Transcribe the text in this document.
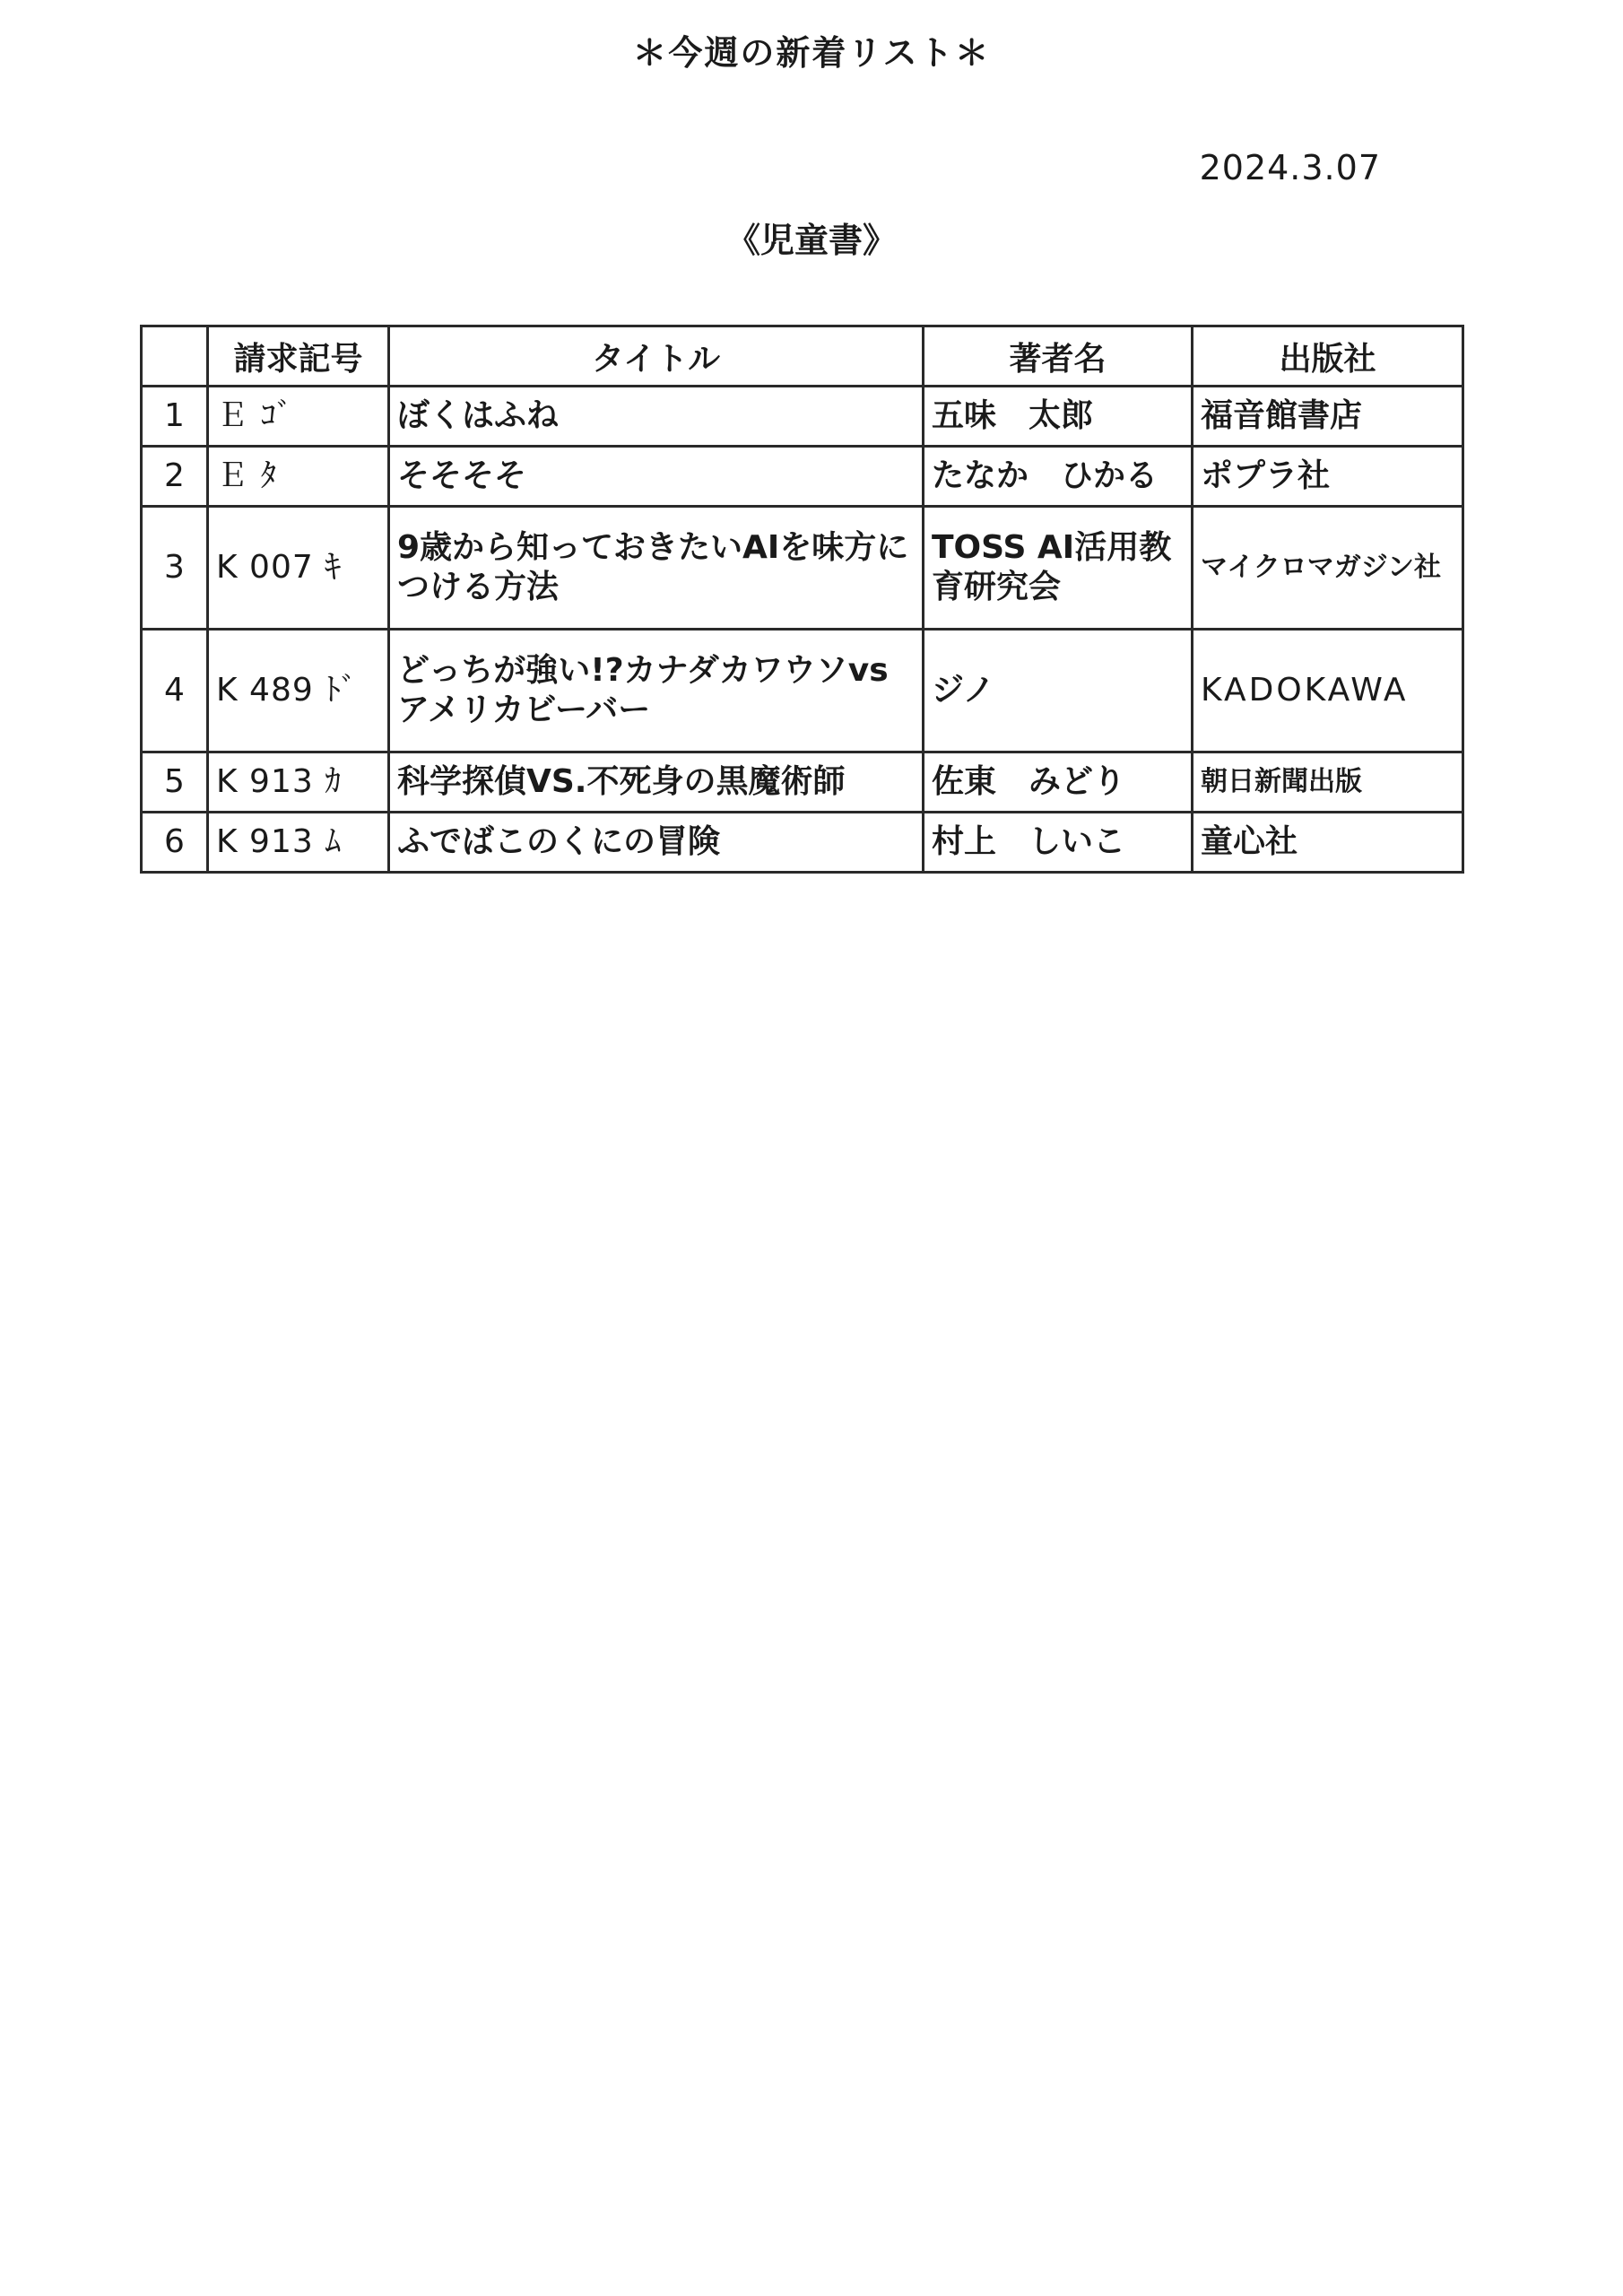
＊今週の新着リスト＊
2024.3.07
《児童書》
	請求記号	タイトル	著者名	出版社
1	Ｅ ｺﾞ	ぼくはふね	五味　太郎	福音館書店
2	Ｅ ﾀ	そそそそ	たなか　ひかる	ポプラ社
3	K 007 ｷ	9歳から知っておきたいAIを味方につける方法	TOSS AI活用教育研究会	マイクロマガジン社
4	K 489 ﾄﾞ	どっちが強い!?カナダカワウソvsアメリカビーバー	ジノ	KADOKAWA
5	K 913 ｶ	科学探偵VS.不死身の黒魔術師	佐東　みどり	朝日新聞出版
6	K 913 ﾑ	ふでばこのくにの冒険	村上　しいこ	童心社
